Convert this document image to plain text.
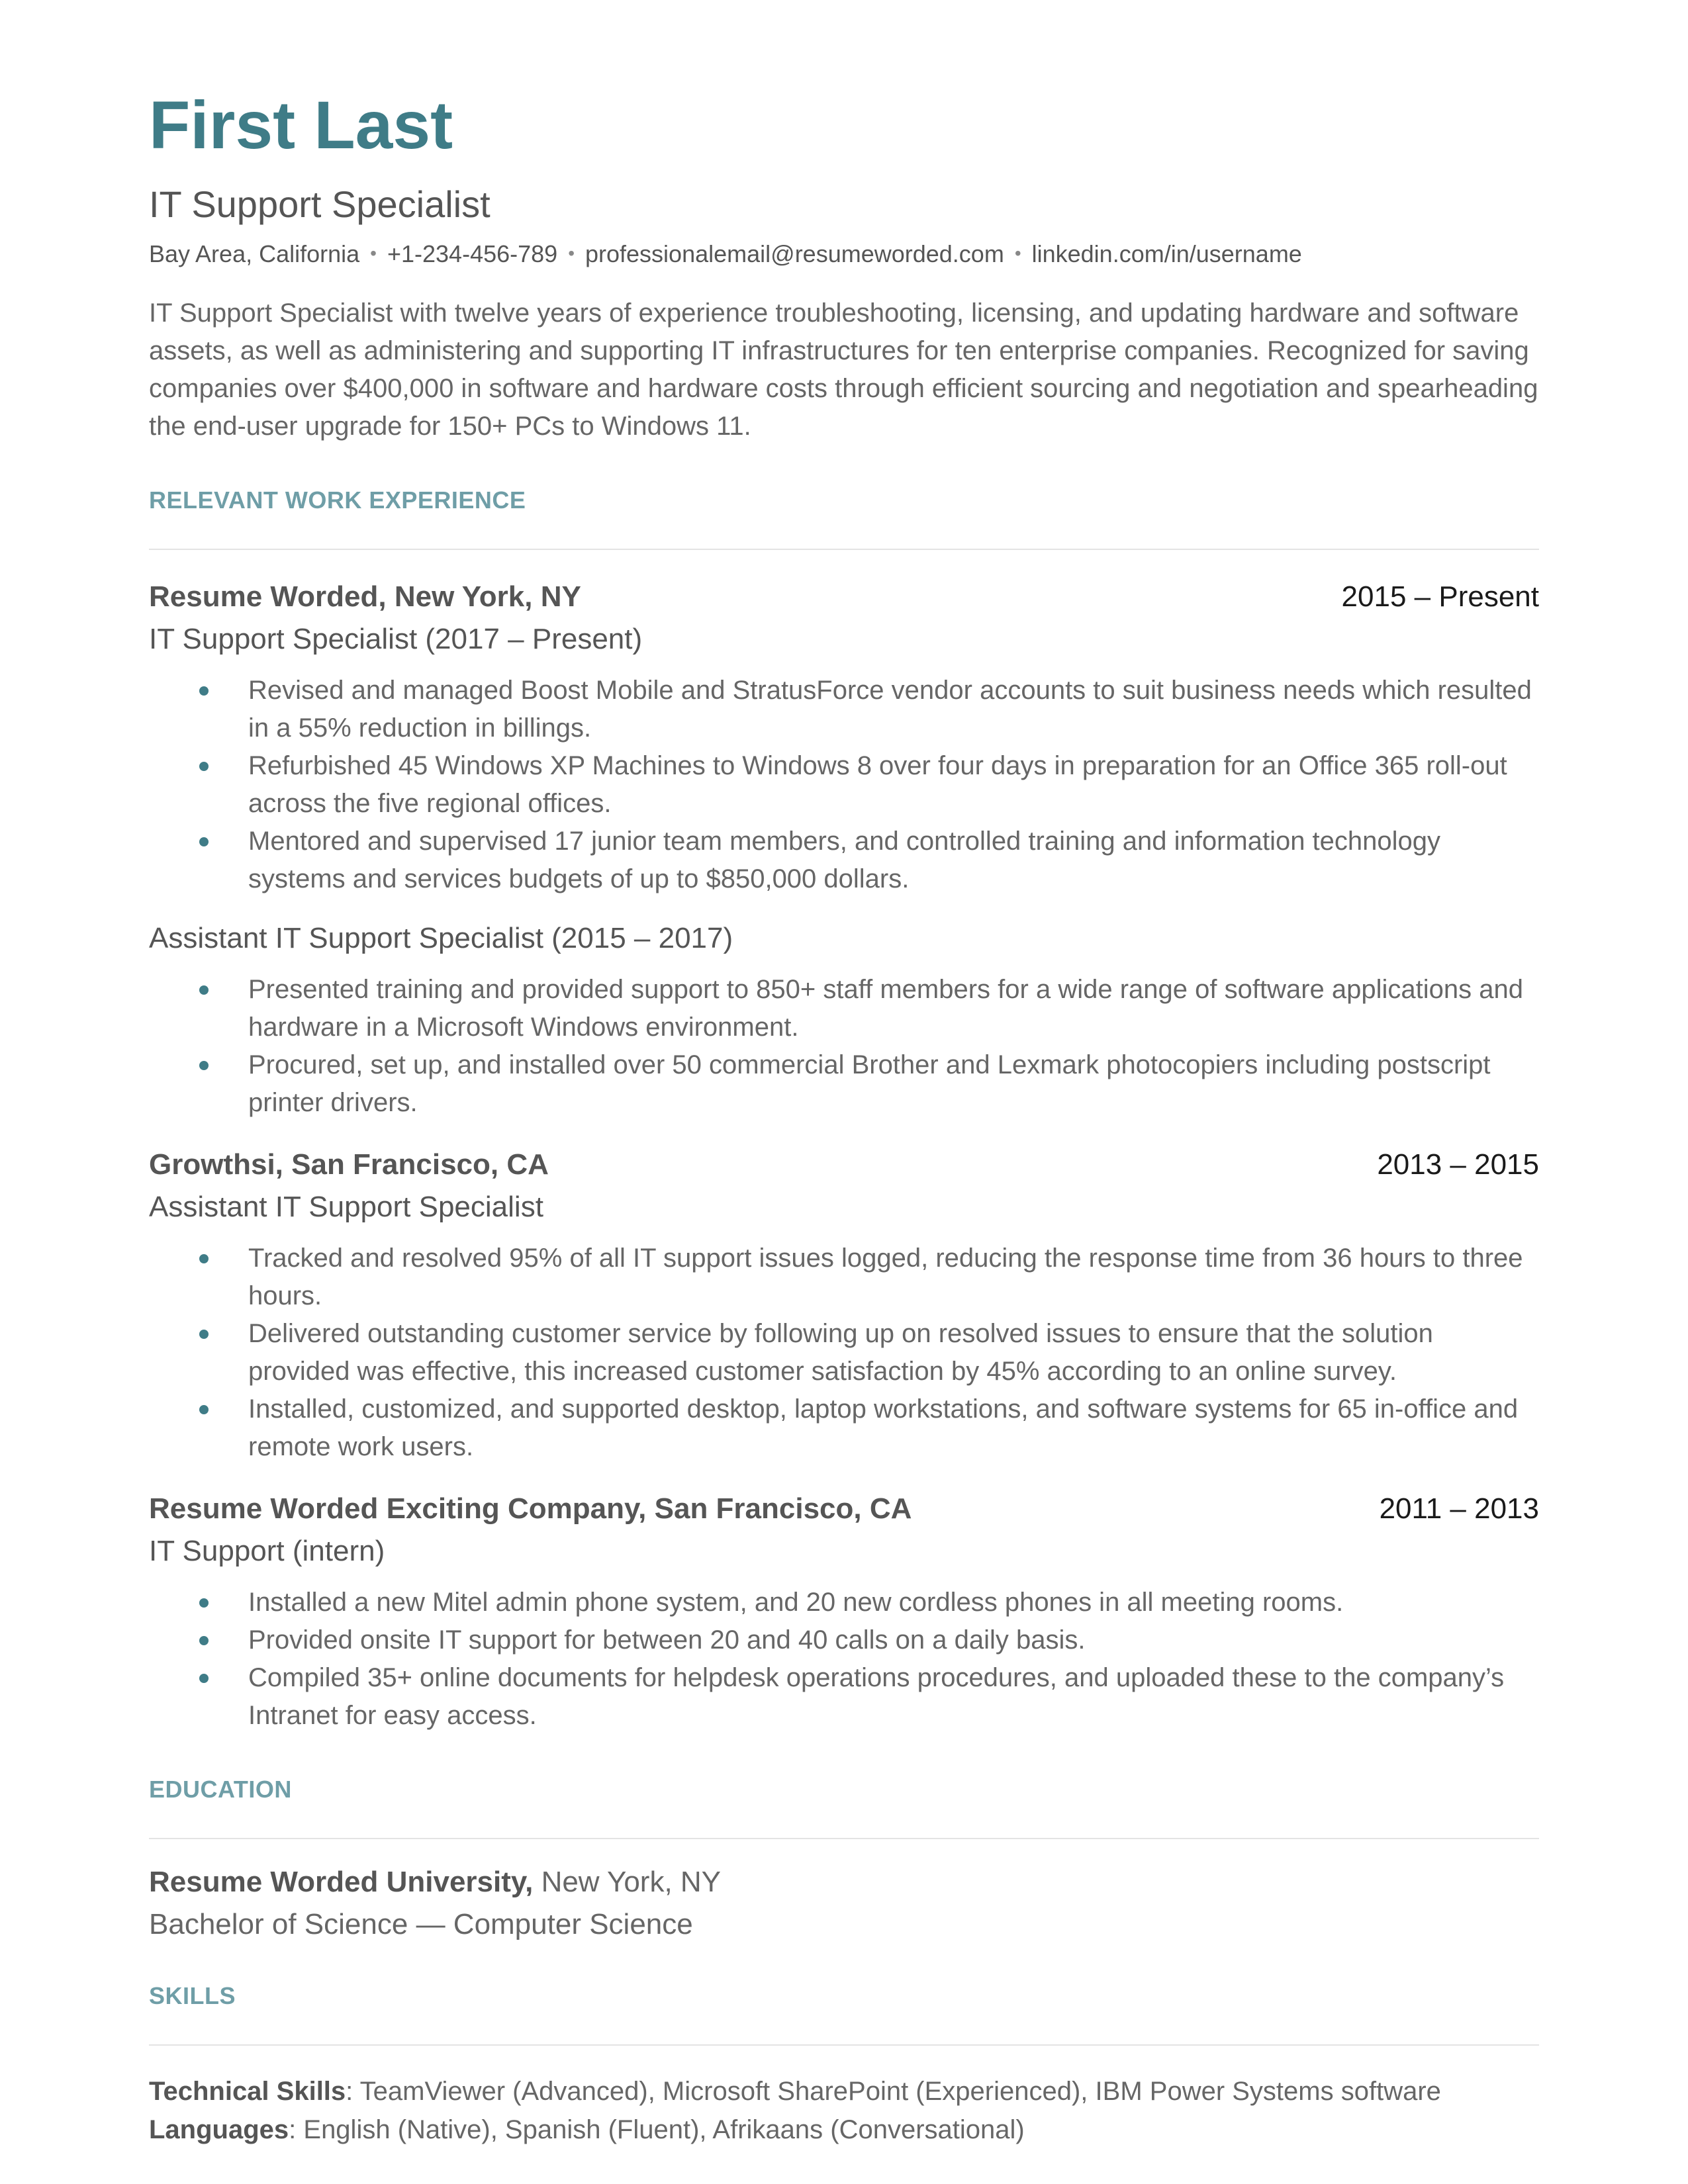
First Last
IT Support Specialist
Bay Area, California • +1-234-456-789 • professionalemail@resumeworded.com • linkedin.com/in/username
IT Support Specialist with twelve years of experience troubleshooting, licensing, and updating hardware and software assets, as well as administering and supporting IT infrastructures for ten enterprise companies. Recognized for saving companies over $400,000 in software and hardware costs through efficient sourcing and negotiation and spearheading the end-user upgrade for 150+ PCs to Windows 11.
RELEVANT WORK EXPERIENCE
Resume Worded, New York, NY	2015 – Present
IT Support Specialist (2017 – Present)
Revised and managed Boost Mobile and StratusForce vendor accounts to suit business needs which resulted in a 55% reduction in billings.
Refurbished 45 Windows XP Machines to Windows 8 over four days in preparation for an Office 365 roll-out across the five regional offices.
Mentored and supervised 17 junior team members, and controlled training and information technology systems and services budgets of up to $850,000 dollars.
Assistant IT Support Specialist (2015 – 2017)
Presented training and provided support to 850+ staff members for a wide range of software applications and hardware in a Microsoft Windows environment.
Procured, set up, and installed over 50 commercial Brother and Lexmark photocopiers including postscript printer drivers.
Growthsi, San Francisco, CA	2013 – 2015
Assistant IT Support Specialist
Tracked and resolved 95% of all IT support issues logged, reducing the response time from 36 hours to three hours.
Delivered outstanding customer service by following up on resolved issues to ensure that the solution provided was effective, this increased customer satisfaction by 45% according to an online survey.
Installed, customized, and supported desktop, laptop workstations, and software systems for 65 in-office and remote work users.
Resume Worded Exciting Company, San Francisco, CA	2011 – 2013
IT Support (intern)
Installed a new Mitel admin phone system, and 20 new cordless phones in all meeting rooms.
Provided onsite IT support for between 20 and 40 calls on a daily basis.
Compiled 35+ online documents for helpdesk operations procedures, and uploaded these to the company’s Intranet for easy access.
EDUCATION
Resume Worded University, New York, NY
Bachelor of Science — Computer Science
SKILLS
Technical Skills: TeamViewer (Advanced), Microsoft SharePoint (Experienced), IBM Power Systems software
Languages: English (Native), Spanish (Fluent), Afrikaans (Conversational)
